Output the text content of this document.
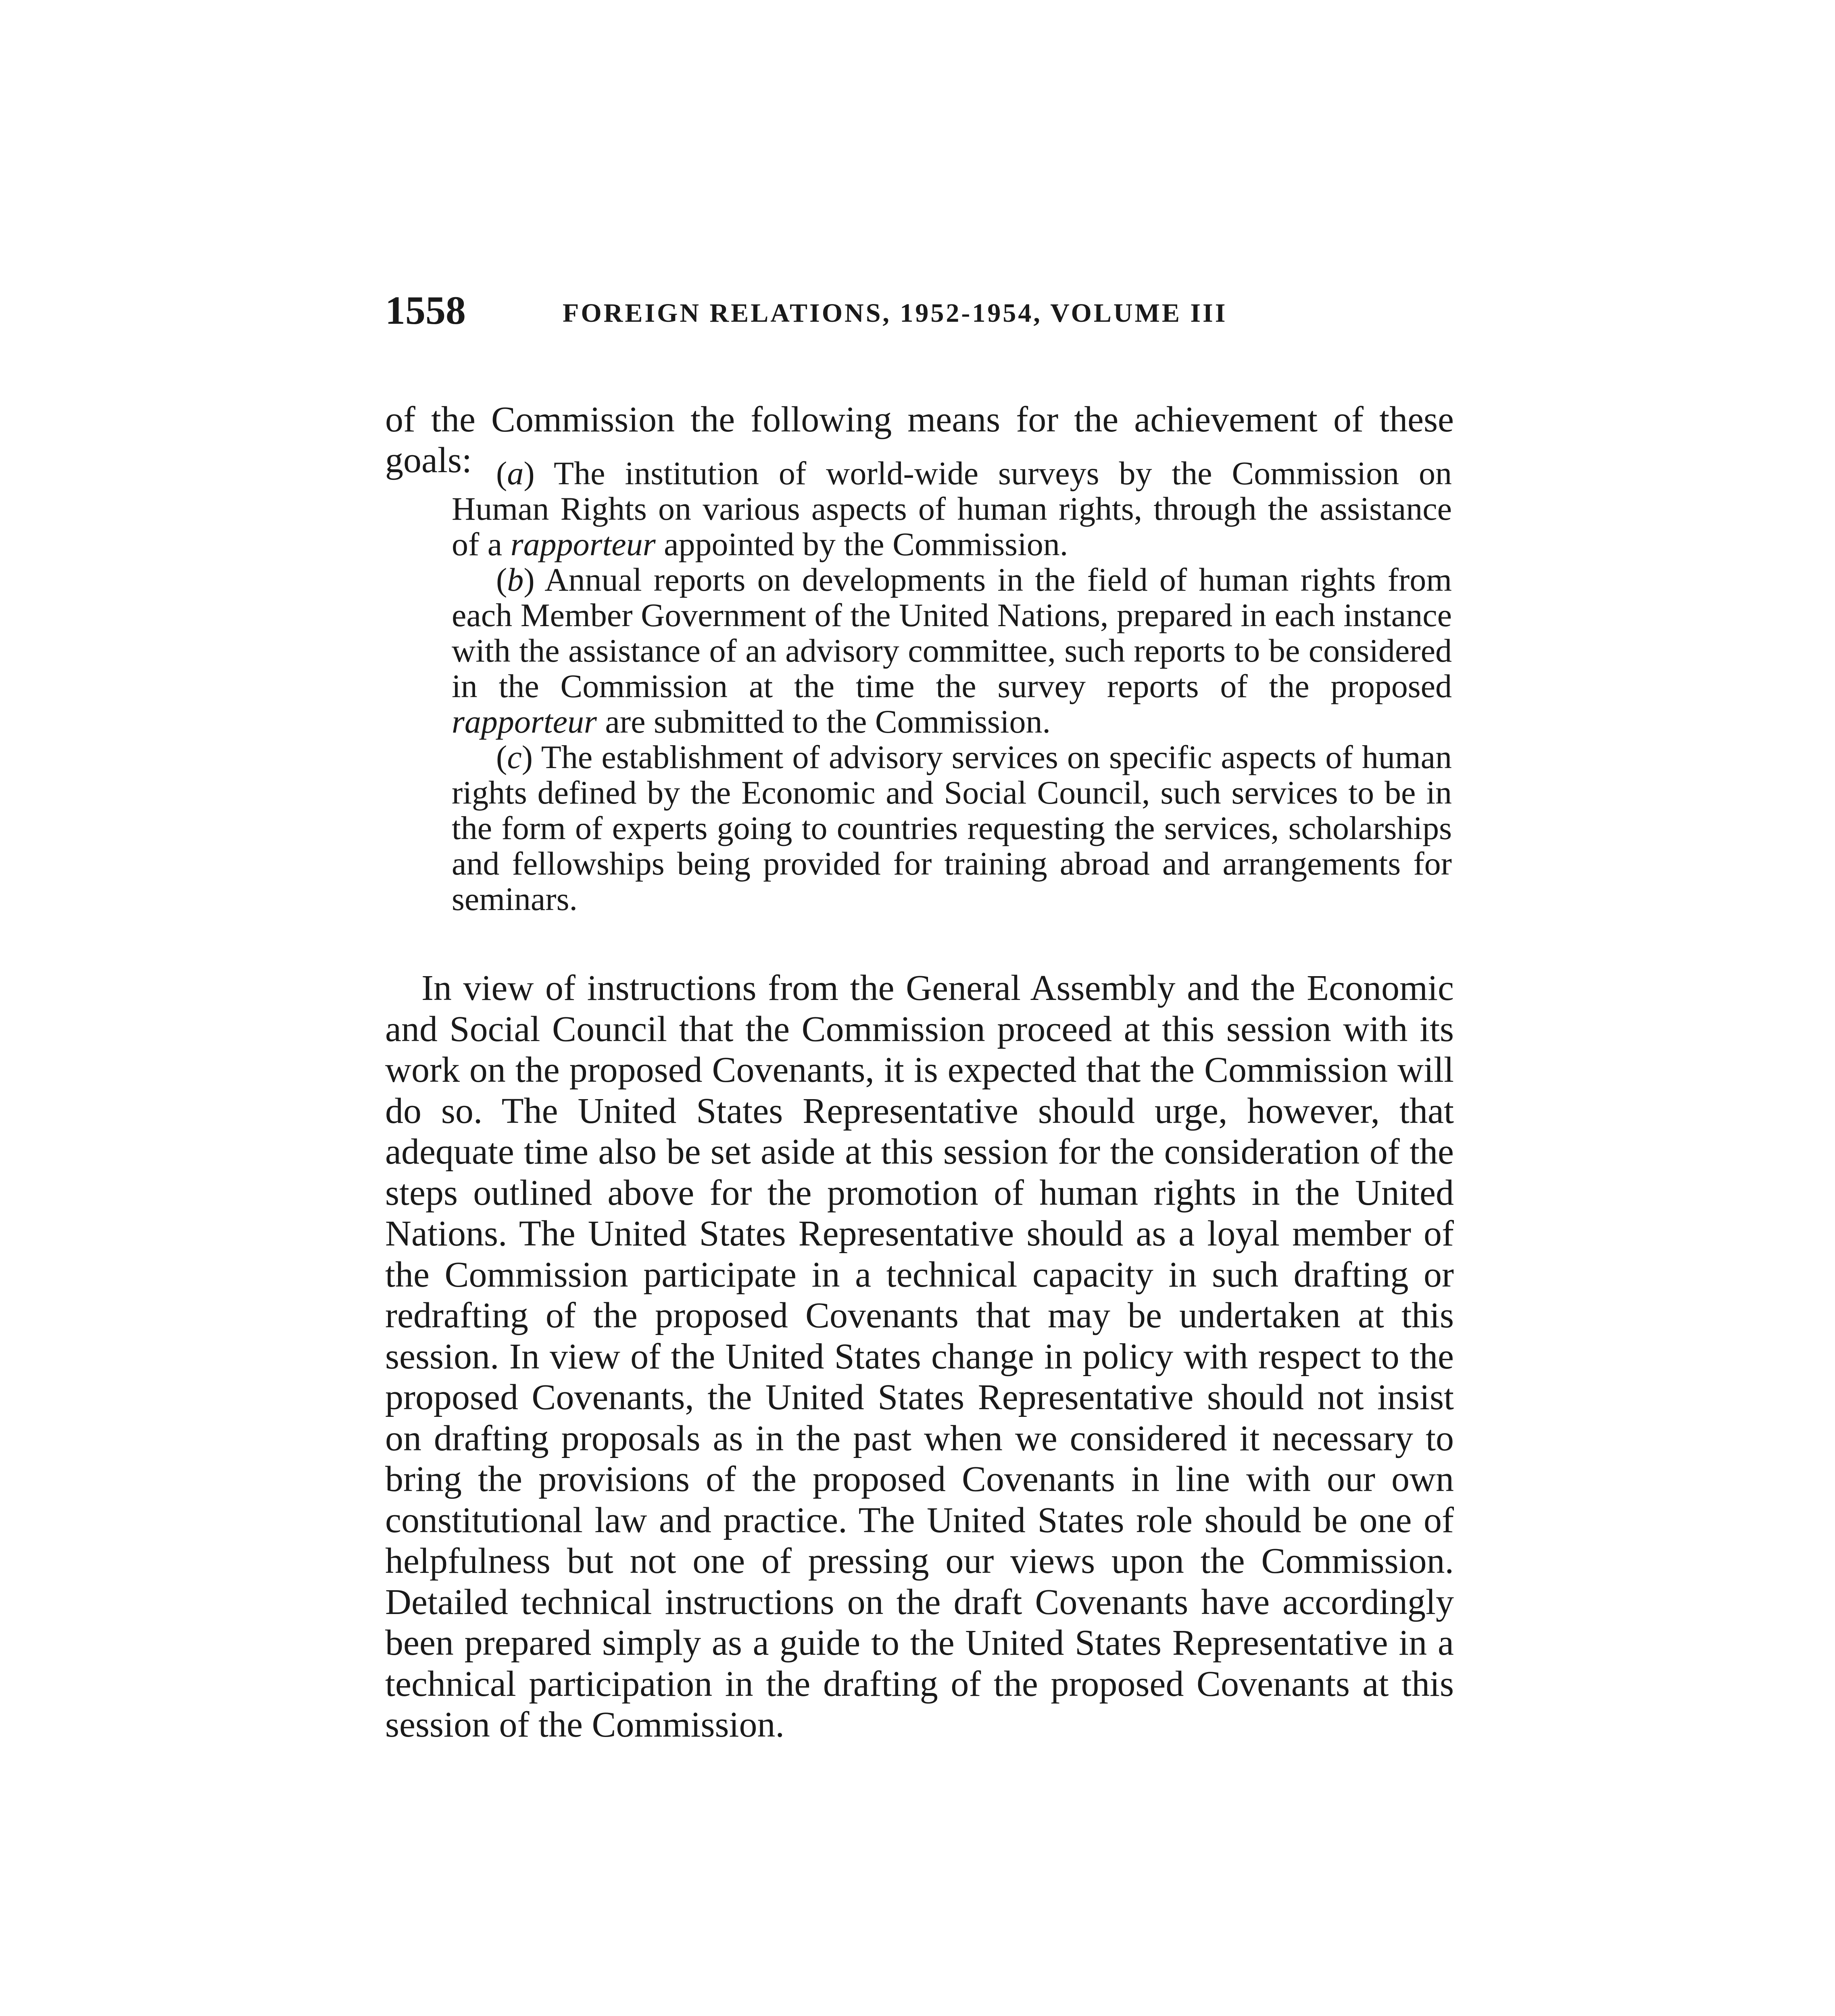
1558	FOREIGN RELATIONS, 1952-1954, VOLUME III

of the Commission the following means for the achievement of these goals: (a) The institution of world-wide surveys by the Commission on Human Rights on various aspects of human rights, through the assistance of a rapporteur appointed by the Commission.

(b) Annual reports on developments in the field of human rights from each Member Government of the United Nations, prepared in each instance with the assistance of an advisory committee, such reports to be considered in the Commission at the time the survey reports of the proposed rapporteur are submitted to the Commission.

(c) The establishment of advisory services on specific aspects of human rights defined by the Economic and Social Council, such services to be in the form of experts going to countries requesting the services, scholarships and fellowships being provided for training abroad and arrangements for seminars.

In view of instructions from the General Assembly and the Economic and Social Council that the Commission proceed at this session with its work on the proposed Covenants, it is expected that the Commission will do so. The United States Representative should urge, however, that adequate time also be set aside at this session for the consideration of the steps outlined above for the promotion of human rights in the United Nations. The United States Representative should as a loyal member of the Commission participate in a technical capacity in such drafting or redrafting of the proposed Covenants that may be undertaken at this session. In view of the United States change in policy with respect to the proposed Covenants, the United States Representative should not insist on drafting proposals as in the past when we considered it necessary to bring the provisions of the proposed Covenants in line with our own constitutional law and practice. The United States role should be one of helpfulness but not one of pressing our views upon the Commission. Detailed technical instructions on the draft Covenants have accordingly been prepared simply as a guide to the United States Representative in a technical participation in the drafting of the proposed Covenants at this session of the Commission.
